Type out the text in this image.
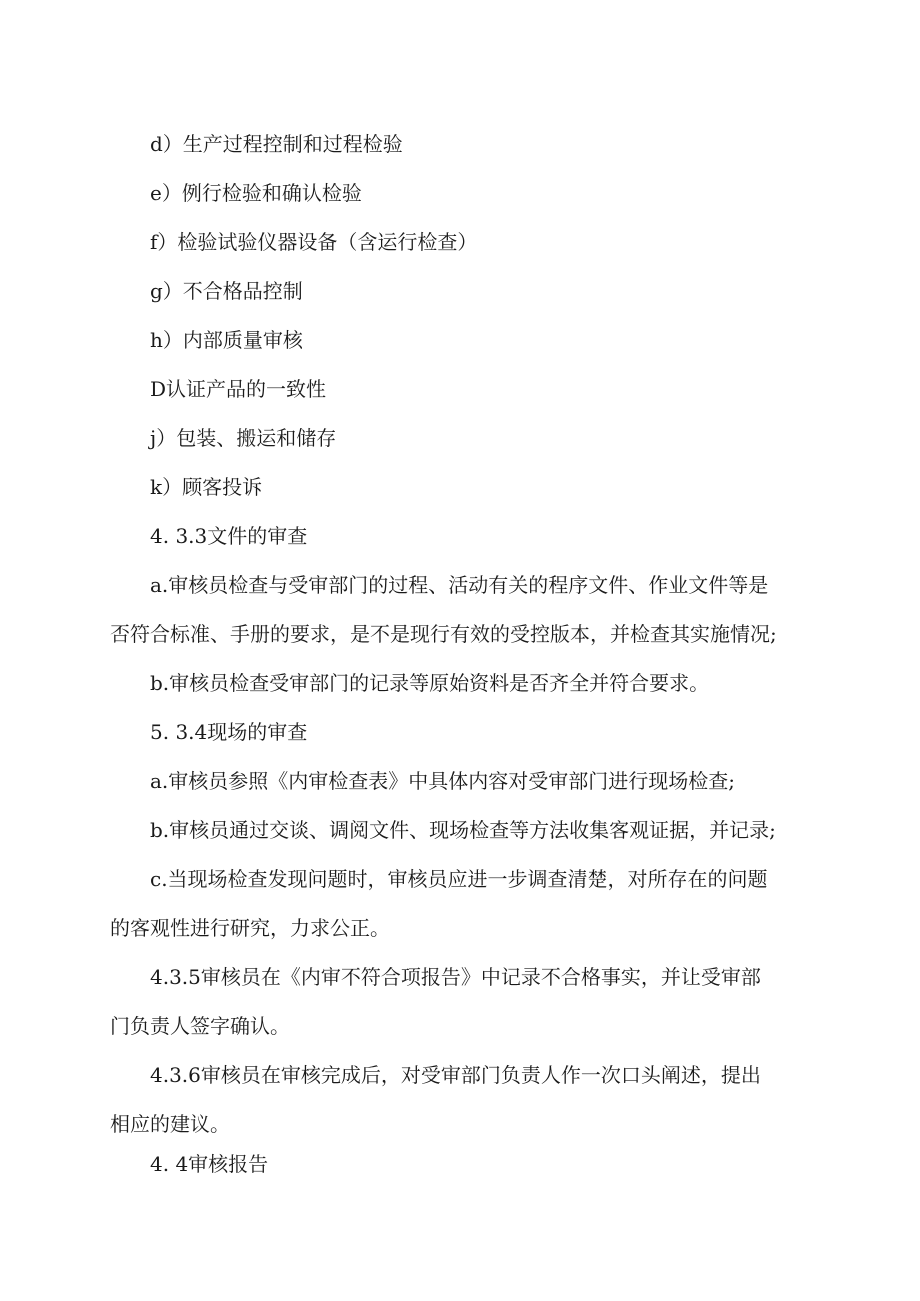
d）生产过程控制和过程检验
e）例行检验和确认检验
f）检验试验仪器设备（含运行检查）
g）不合格品控制
h）内部质量审核
D认证产品的一致性
j）包装、搬运和储存
k）顾客投诉
4. 3.3文件的审查
a.审核员检查与受审部门的过程、活动有关的程序文件、作业文件等是
否符合标准、手册的要求，是不是现行有效的受控版本，并检查其实施情况;
b.审核员检查受审部门的记录等原始资料是否齐全并符合要求。
5. 3.4现场的审查
a.审核员参照《内审检查表》中具体内容对受审部门进行现场检查;
b.审核员通过交谈、调阅文件、现场检查等方法收集客观证据，并记录;
c.当现场检查发现问题时，审核员应进一步调查清楚，对所存在的问题
的客观性进行研究，力求公正。
4.3.5审核员在《内审不符合项报告》中记录不合格事实，并让受审部
门负责人签字确认。
4.3.6审核员在审核完成后，对受审部门负责人作一次口头阐述，提出
相应的建议。
4. 4审核报告
